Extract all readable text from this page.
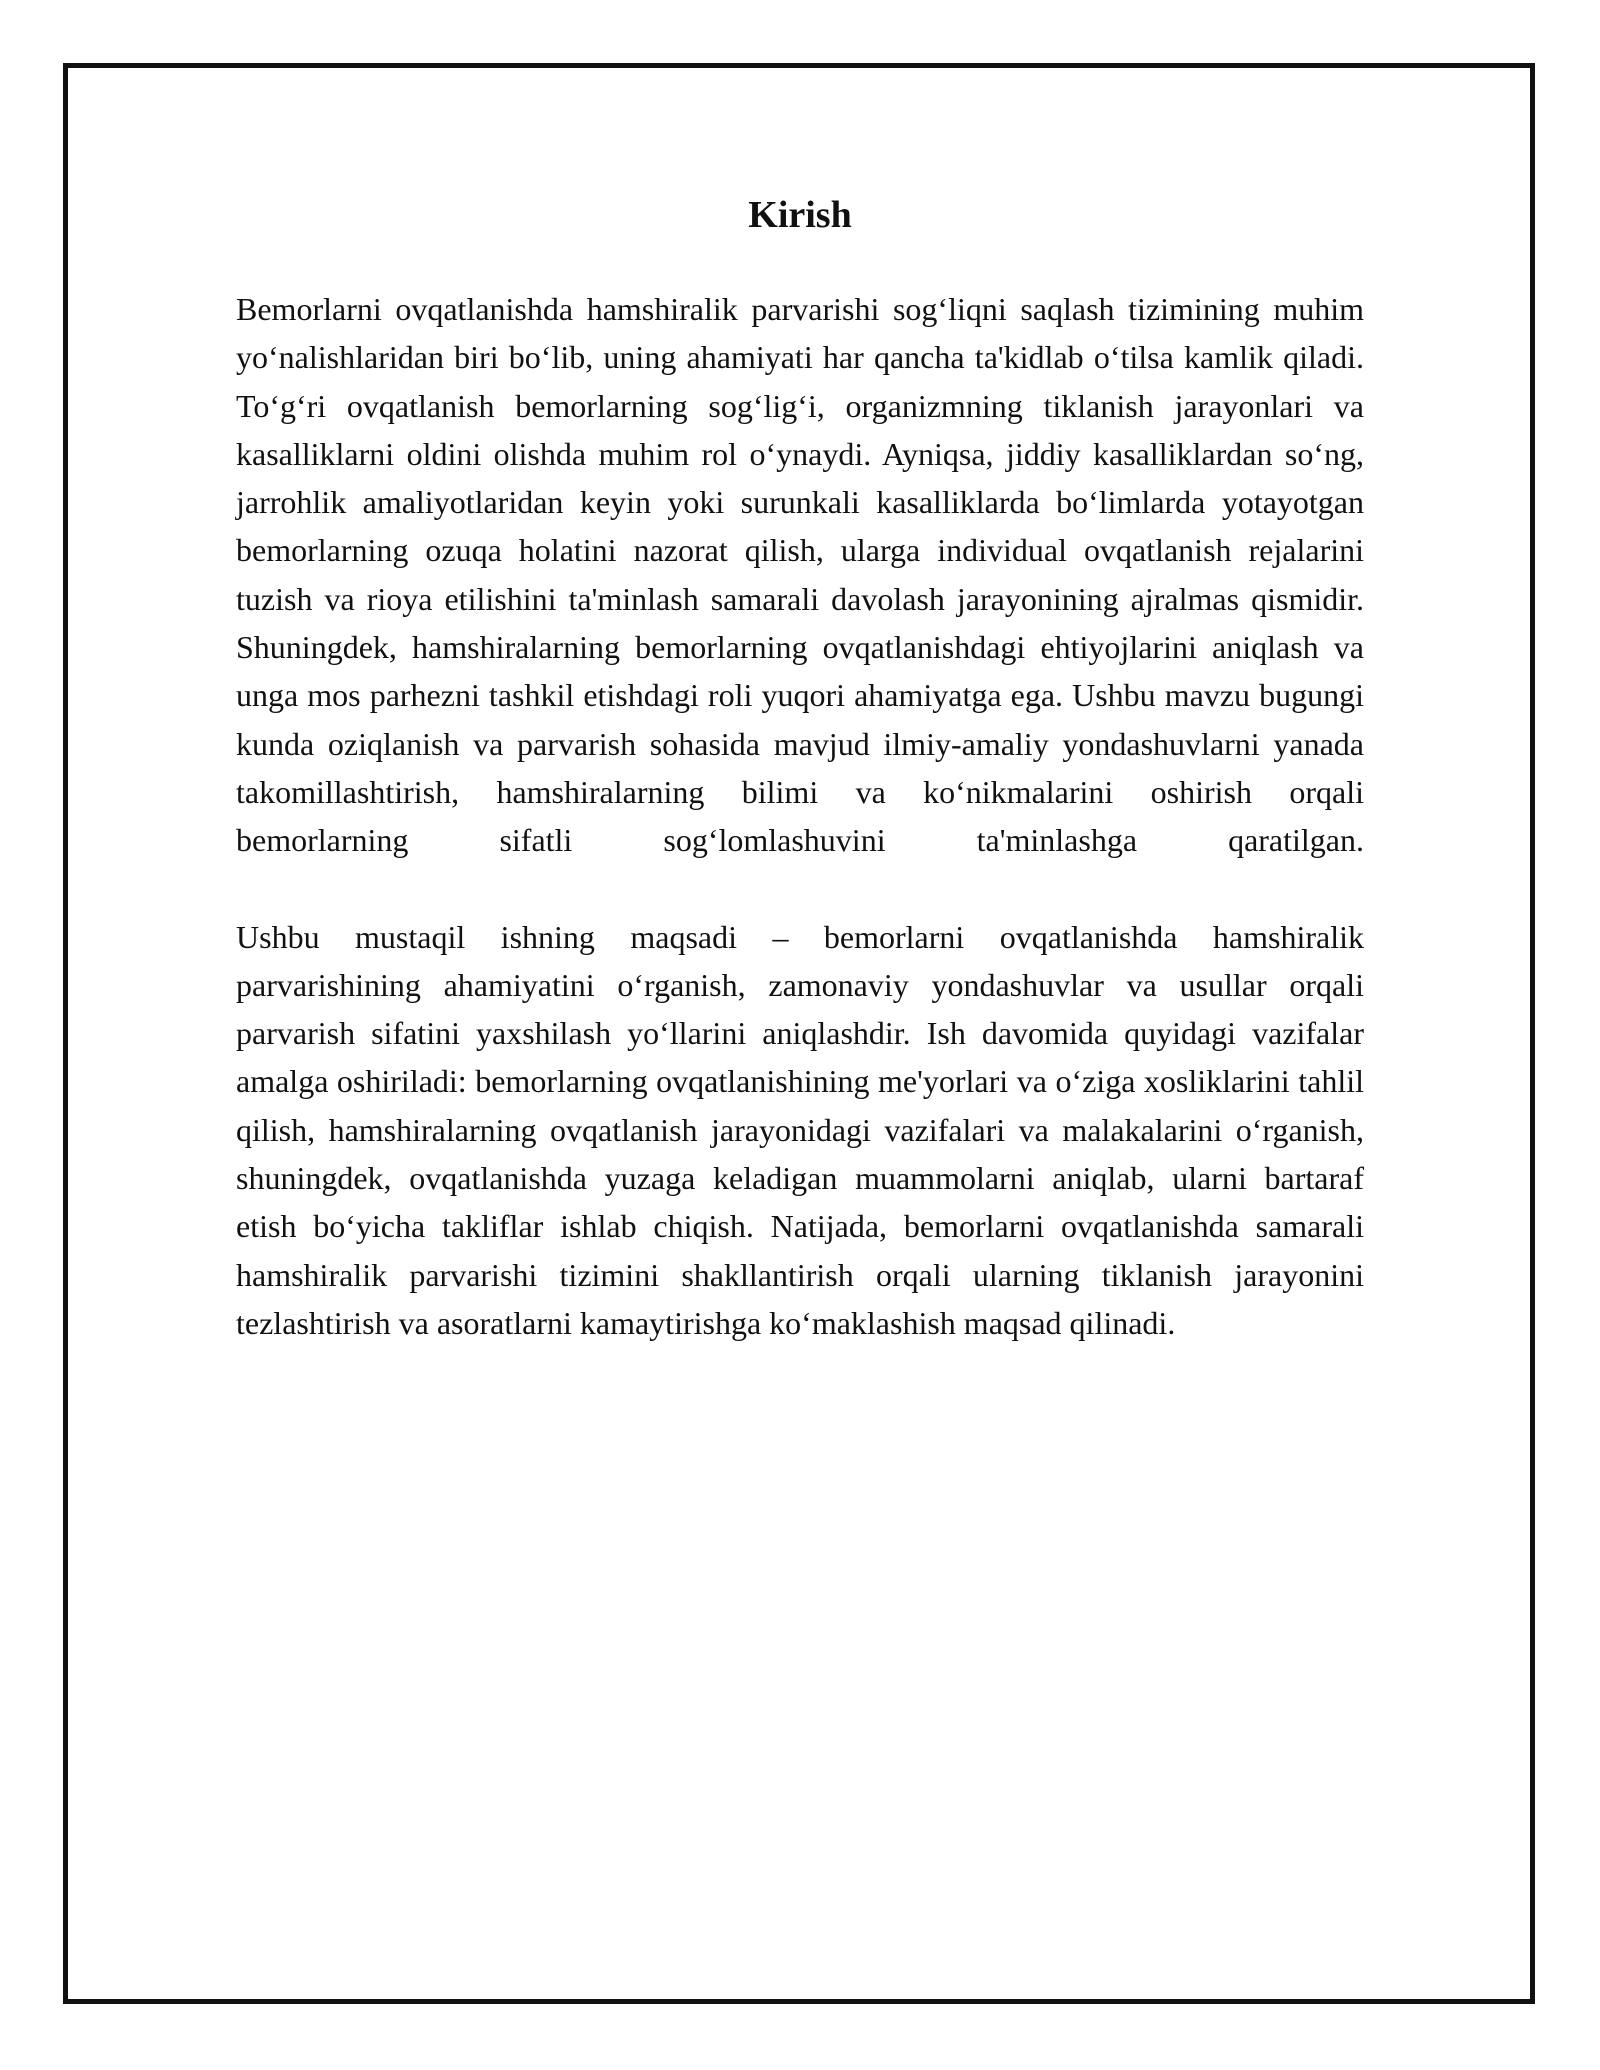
Kirish

Bemorlarni ovqatlanishda hamshiralik parvarishi sog‘liqni saqlash tizimining muhim yo‘nalishlaridan biri bo‘lib, uning ahamiyati har qancha ta'kidlab o‘tilsa kamlik qiladi. To‘g‘ri ovqatlanish bemorlarning sog‘lig‘i, organizmning tiklanish jarayonlari va kasalliklarni oldini olishda muhim rol o‘ynaydi. Ayniqsa, jiddiy kasalliklardan so‘ng, jarrohlik amaliyotlaridan keyin yoki surunkali kasalliklarda bo‘limlarda yotayotgan bemorlarning ozuqa holatini nazorat qilish, ularga individual ovqatlanish rejalarini tuzish va rioya etilishini ta'minlash samarali davolash jarayonining ajralmas qismidir. Shuningdek, hamshiralarning bemorlarning ovqatlanishdagi ehtiyojlarini aniqlash va unga mos parhezni tashkil etishdagi roli yuqori ahamiyatga ega. Ushbu mavzu bugungi kunda oziqlanish va parvarish sohasida mavjud ilmiy-amaliy yondashuvlarni yanada takomillashtirish, hamshiralarning bilimi va ko‘nikmalarini oshirish orqali bemorlarning sifatli sog‘lomlashuvini ta'minlashga qaratilgan.

Ushbu mustaqil ishning maqsadi – bemorlarni ovqatlanishda hamshiralik parvarishining ahamiyatini o‘rganish, zamonaviy yondashuvlar va usullar orqali parvarish sifatini yaxshilash yo‘llarini aniqlashdir. Ish davomida quyidagi vazifalar amalga oshiriladi: bemorlarning ovqatlanishining me'yorlari va o‘ziga xosliklarini tahlil qilish, hamshiralarning ovqatlanish jarayonidagi vazifalari va malakalarini o‘rganish, shuningdek, ovqatlanishda yuzaga keladigan muammolarni aniqlab, ularni bartaraf etish bo‘yicha takliflar ishlab chiqish. Natijada, bemorlarni ovqatlanishda samarali hamshiralik parvarishi tizimini shakllantirish orqali ularning tiklanish jarayonini tezlashtirish va asoratlarni kamaytirishga ko‘maklashish maqsad qilinadi.
